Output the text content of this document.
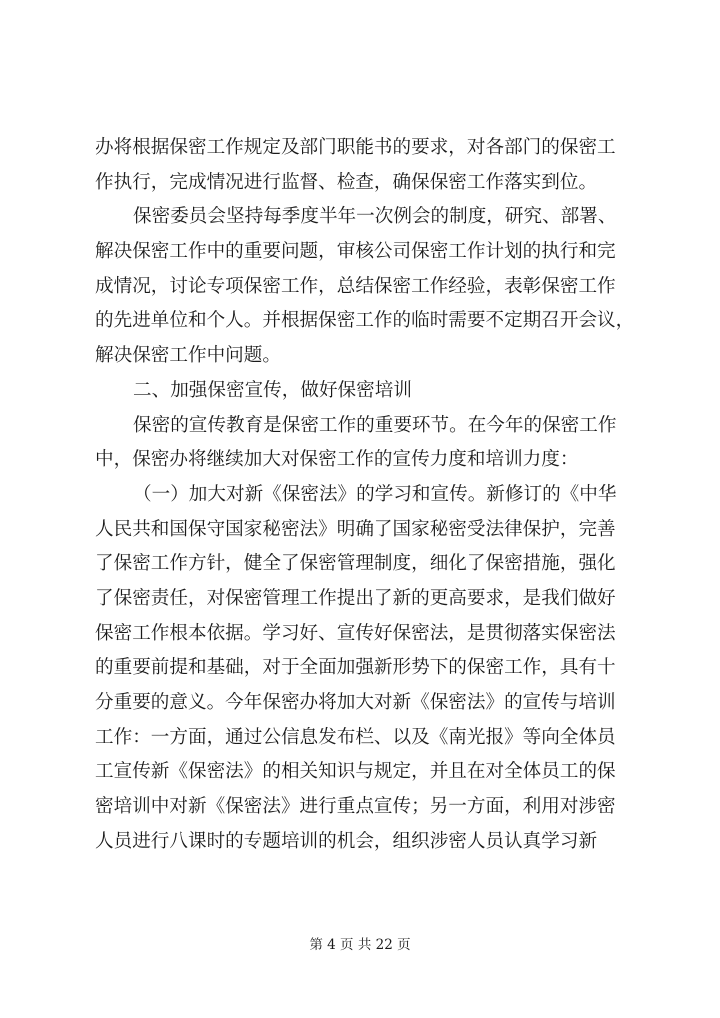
办将根据保密工作规定及部门职能书的要求，对各部门的保密工
作执行，完成情况进行监督、检查，确保保密工作落实到位。
保密委员会坚持每季度半年一次例会的制度，研究、部署、
解决保密工作中的重要问题，审核公司保密工作计划的执行和完
成情况，讨论专项保密工作，总结保密工作经验，表彰保密工作
的先进单位和个人。并根据保密工作的临时需要不定期召开会议，
解决保密工作中问题。
二、加强保密宣传，做好保密培训
保密的宣传教育是保密工作的重要环节。在今年的保密工作
中，保密办将继续加大对保密工作的宣传力度和培训力度：
（一）加大对新《保密法》的学习和宣传。新修订的《中华
人民共和国保守国家秘密法》明确了国家秘密受法律保护，完善
了保密工作方针，健全了保密管理制度，细化了保密措施，强化
了保密责任，对保密管理工作提出了新的更高要求，是我们做好
保密工作根本依据。学习好、宣传好保密法，是贯彻落实保密法
的重要前提和基础，对于全面加强新形势下的保密工作，具有十
分重要的意义。今年保密办将加大对新《保密法》的宣传与培训
工作：一方面，通过公信息发布栏、以及《南光报》等向全体员
工宣传新《保密法》的相关知识与规定，并且在对全体员工的保
密培训中对新《保密法》进行重点宣传；另一方面，利用对涉密
人员进行八课时的专题培训的机会，组织涉密人员认真学习新
第 4 页 共 22 页
